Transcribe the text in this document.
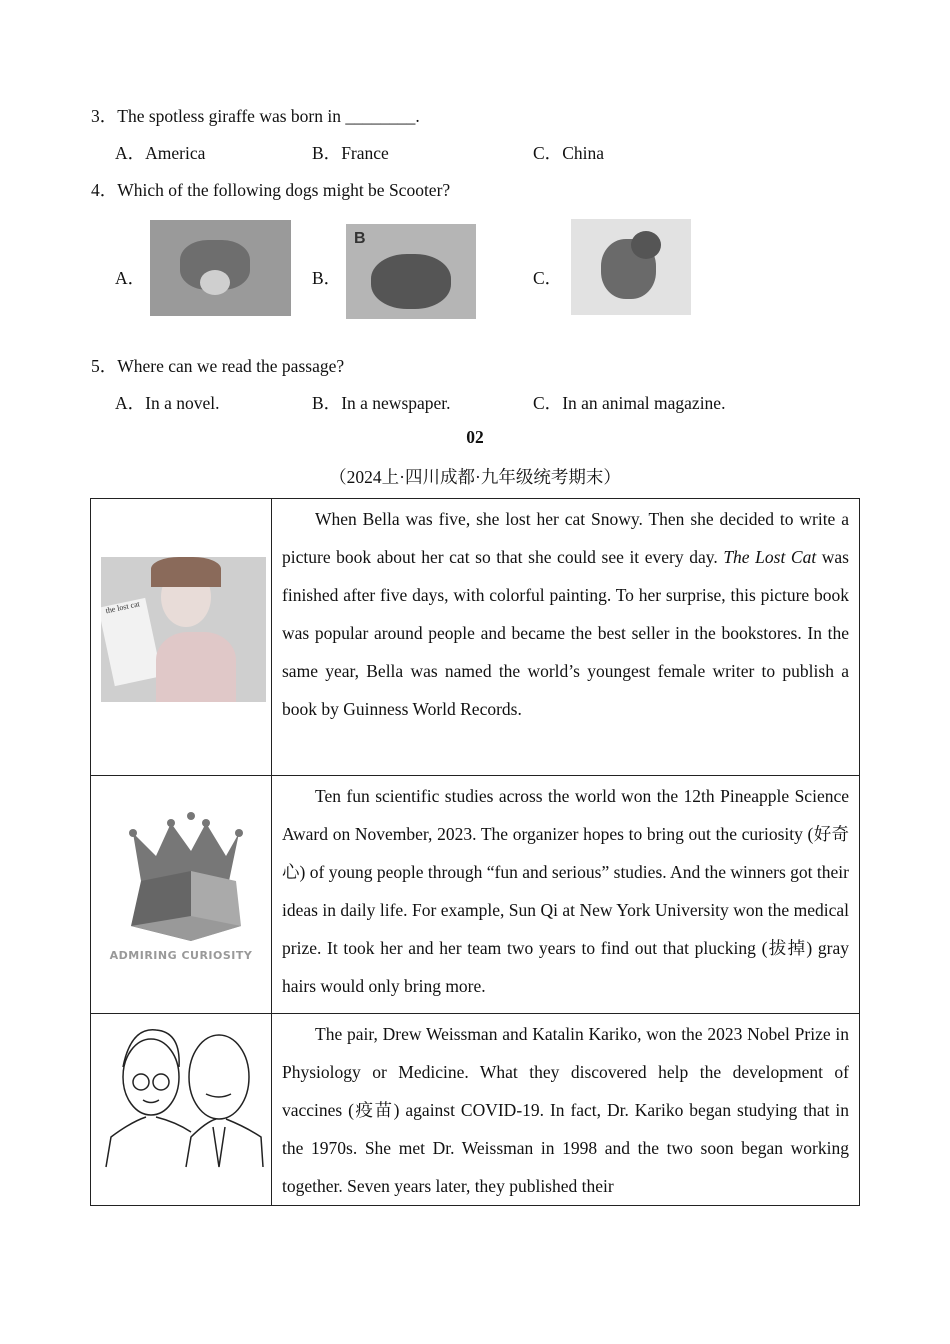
3．The spotless giraffe was born in ________.
A．America	B．France	C．China
4．Which of the following dogs might be Scooter?
A．	B．
B
C．
5．Where can we read the passage?
A．In a novel.	B．In a newspaper.	C．In an animal magazine.
02
（2024上·四川成都·九年级统考期末）
the lost cat	When Bella was five, she lost her cat Snowy. Then she decided to write a picture book about her cat so that she could see it every day. The Lost Cat was finished after five days, with colorful painting. To her surprise, this picture book was popular around people and became the best seller in the bookstores. In the same year, Bella was named the world’s youngest female writer to publish a book by Guinness World Records.

ADMIRING CURIOSITY	Ten fun scientific studies across the world won the 12th Pineapple Science Award on November, 2023. The organizer hopes to bring out the curiosity (好奇心) of young people through “fun and serious” studies. And the winners got their ideas in daily life. For example, Sun Qi at New York University won the medical prize. It took her and her team two years to find out that plucking (拔掉) gray hairs would only bring more.

The pair, Drew Weissman and Katalin Kariko, won the 2023 Nobel Prize in Physiology or Medicine. What they discovered help the development of vaccines (疫苗) against COVID-19. In fact, Dr. Kariko began studying that in the 1970s. She met Dr. Weissman in 1998 and the two soon began working together. Seven years later, they published their
